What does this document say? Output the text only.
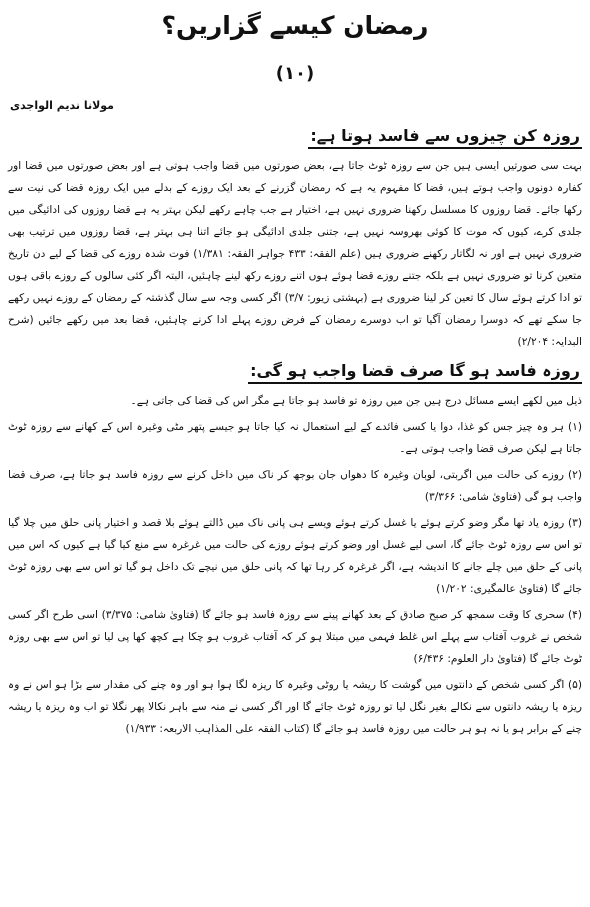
رمضان کیسے گزاریں؟
(۱۰)
مولانا ندیم الواجدی
روزہ کن چیزوں سے فاسد ہوتا ہے:

بہت سی صورتیں ایسی ہیں جن سے روزہ ٹوٹ جاتا ہے، بعض صورتوں میں قضا واجب ہوتی ہے اور بعض صورتوں میں قضا اور کفارہ دونوں واجب ہوتے ہیں، قضا کا مفہوم یہ ہے کہ رمضان گزرنے کے بعد ایک روزے کے بدلے میں ایک روزہ قضا کی نیت سے رکھا جائے۔ قضا روزوں کا مسلسل رکھنا ضروری نہیں ہے، اختیار ہے جب چاہے رکھے لیکن بہتر یہ ہے قضا روزوں کی ادائیگی میں جلدی کرے، کیوں کہ موت کا کوئی بھروسہ نہیں ہے، جتنی جلدی ادائیگی ہو جائے اتنا ہی بہتر ہے، قضا روزوں میں ترتیب بھی ضروری نہیں ہے اور نہ لگاتار رکھنے ضروری ہیں (علم الفقہ: ۴۳۳ جواہر الفقہ: ۱/۳۸۱) فوت شدہ روزے کی قضا کے لیے دن تاریخ متعین کرنا تو ضروری نہیں ہے بلکہ جتنے روزے قضا ہوئے ہوں اتنے روزے رکھ لینے چاہئیں، البتہ اگر کئی سالوں کے روزے باقی ہوں تو ادا کرتے ہوئے سال کا تعین کر لینا ضروری ہے (بہشتی زیور: ۳/۷) اگر کسی وجہ سے سال گذشتہ کے رمضان کے روزے نہیں رکھے جا سکے تھے کہ دوسرا رمضان آگیا تو اب دوسرے رمضان کے فرض روزے پہلے ادا کرنے چاہئیں، قضا بعد میں رکھے جائیں (شرح البدایہ: ۲/۲۰۴)

روزہ فاسد ہو گا صرف قضا واجب ہو گی:

ذیل میں لکھے ایسے مسائل درج ہیں جن میں روزہ تو فاسد ہو جاتا ہے مگر اس کی قضا کی جاتی ہے۔

(۱) ہر وہ چیز جس کو غذا، دوا یا کسی فائدے کے لیے استعمال نہ کیا جاتا ہو جیسے پتھر مٹی وغیرہ اس کے کھانے سے روزہ ٹوٹ جاتا ہے لیکن صرف قضا واجب ہوتی ہے۔

(۲) روزے کی حالت میں اگربتی، لوبان وغیرہ کا دھواں جان بوجھ کر ناک میں داخل کرنے سے روزہ فاسد ہو جاتا ہے، صرف قضا واجب ہو گی (فتاویٰ شامی: ۳/۳۶۶)

(۳) روزہ یاد تھا مگر وضو کرتے ہوئے یا غسل کرتے ہوئے ویسے ہی پانی ناک میں ڈالتے ہوئے بلا قصد و اختیار پانی حلق میں چلا گیا تو اس سے روزہ ٹوٹ جائے گا، اسی لیے غسل اور وضو کرتے ہوئے روزے کی حالت میں غرغرہ سے منع کیا گیا ہے کیوں کہ اس میں پانی کے حلق میں چلے جانے کا اندیشہ ہے، اگر غرغرہ کر رہا تھا کہ پانی حلق میں نیچے تک داخل ہو گیا تو اس سے بھی روزہ ٹوٹ جائے گا (فتاویٰ عالمگیری: ۱/۲۰۲)

(۴) سحری کا وقت سمجھ کر صبح صادق کے بعد کھانے پینے سے روزہ فاسد ہو جائے گا (فتاویٰ شامی: ۳/۳۷۵) اسی طرح اگر کسی شخص نے غروب آفتاب سے پہلے اس غلط فہمی میں مبتلا ہو کر کہ آفتاب غروب ہو چکا ہے کچھ کھا پی لیا تو اس سے بھی روزہ ٹوٹ جائے گا (فتاویٰ دار العلوم: ۶/۴۳۶)

(۵) اگر کسی شخص کے دانتوں میں گوشت کا ریشہ یا روٹی وغیرہ کا ریزہ لگا ہوا ہو اور وہ چنے کی مقدار سے بڑا ہو اس نے وہ ریزہ یا ریشہ دانتوں سے نکالے بغیر نگل لیا تو روزہ ٹوٹ جائے گا اور اگر کسی نے منہ سے باہر نکالا پھر نگلا تو اب وہ ریزہ یا ریشہ چنے کے برابر ہو یا نہ ہو ہر حالت میں روزہ فاسد ہو جائے گا (کتاب الفقہ علی المذاہب الاربعہ: ۱/۹۳۳)
